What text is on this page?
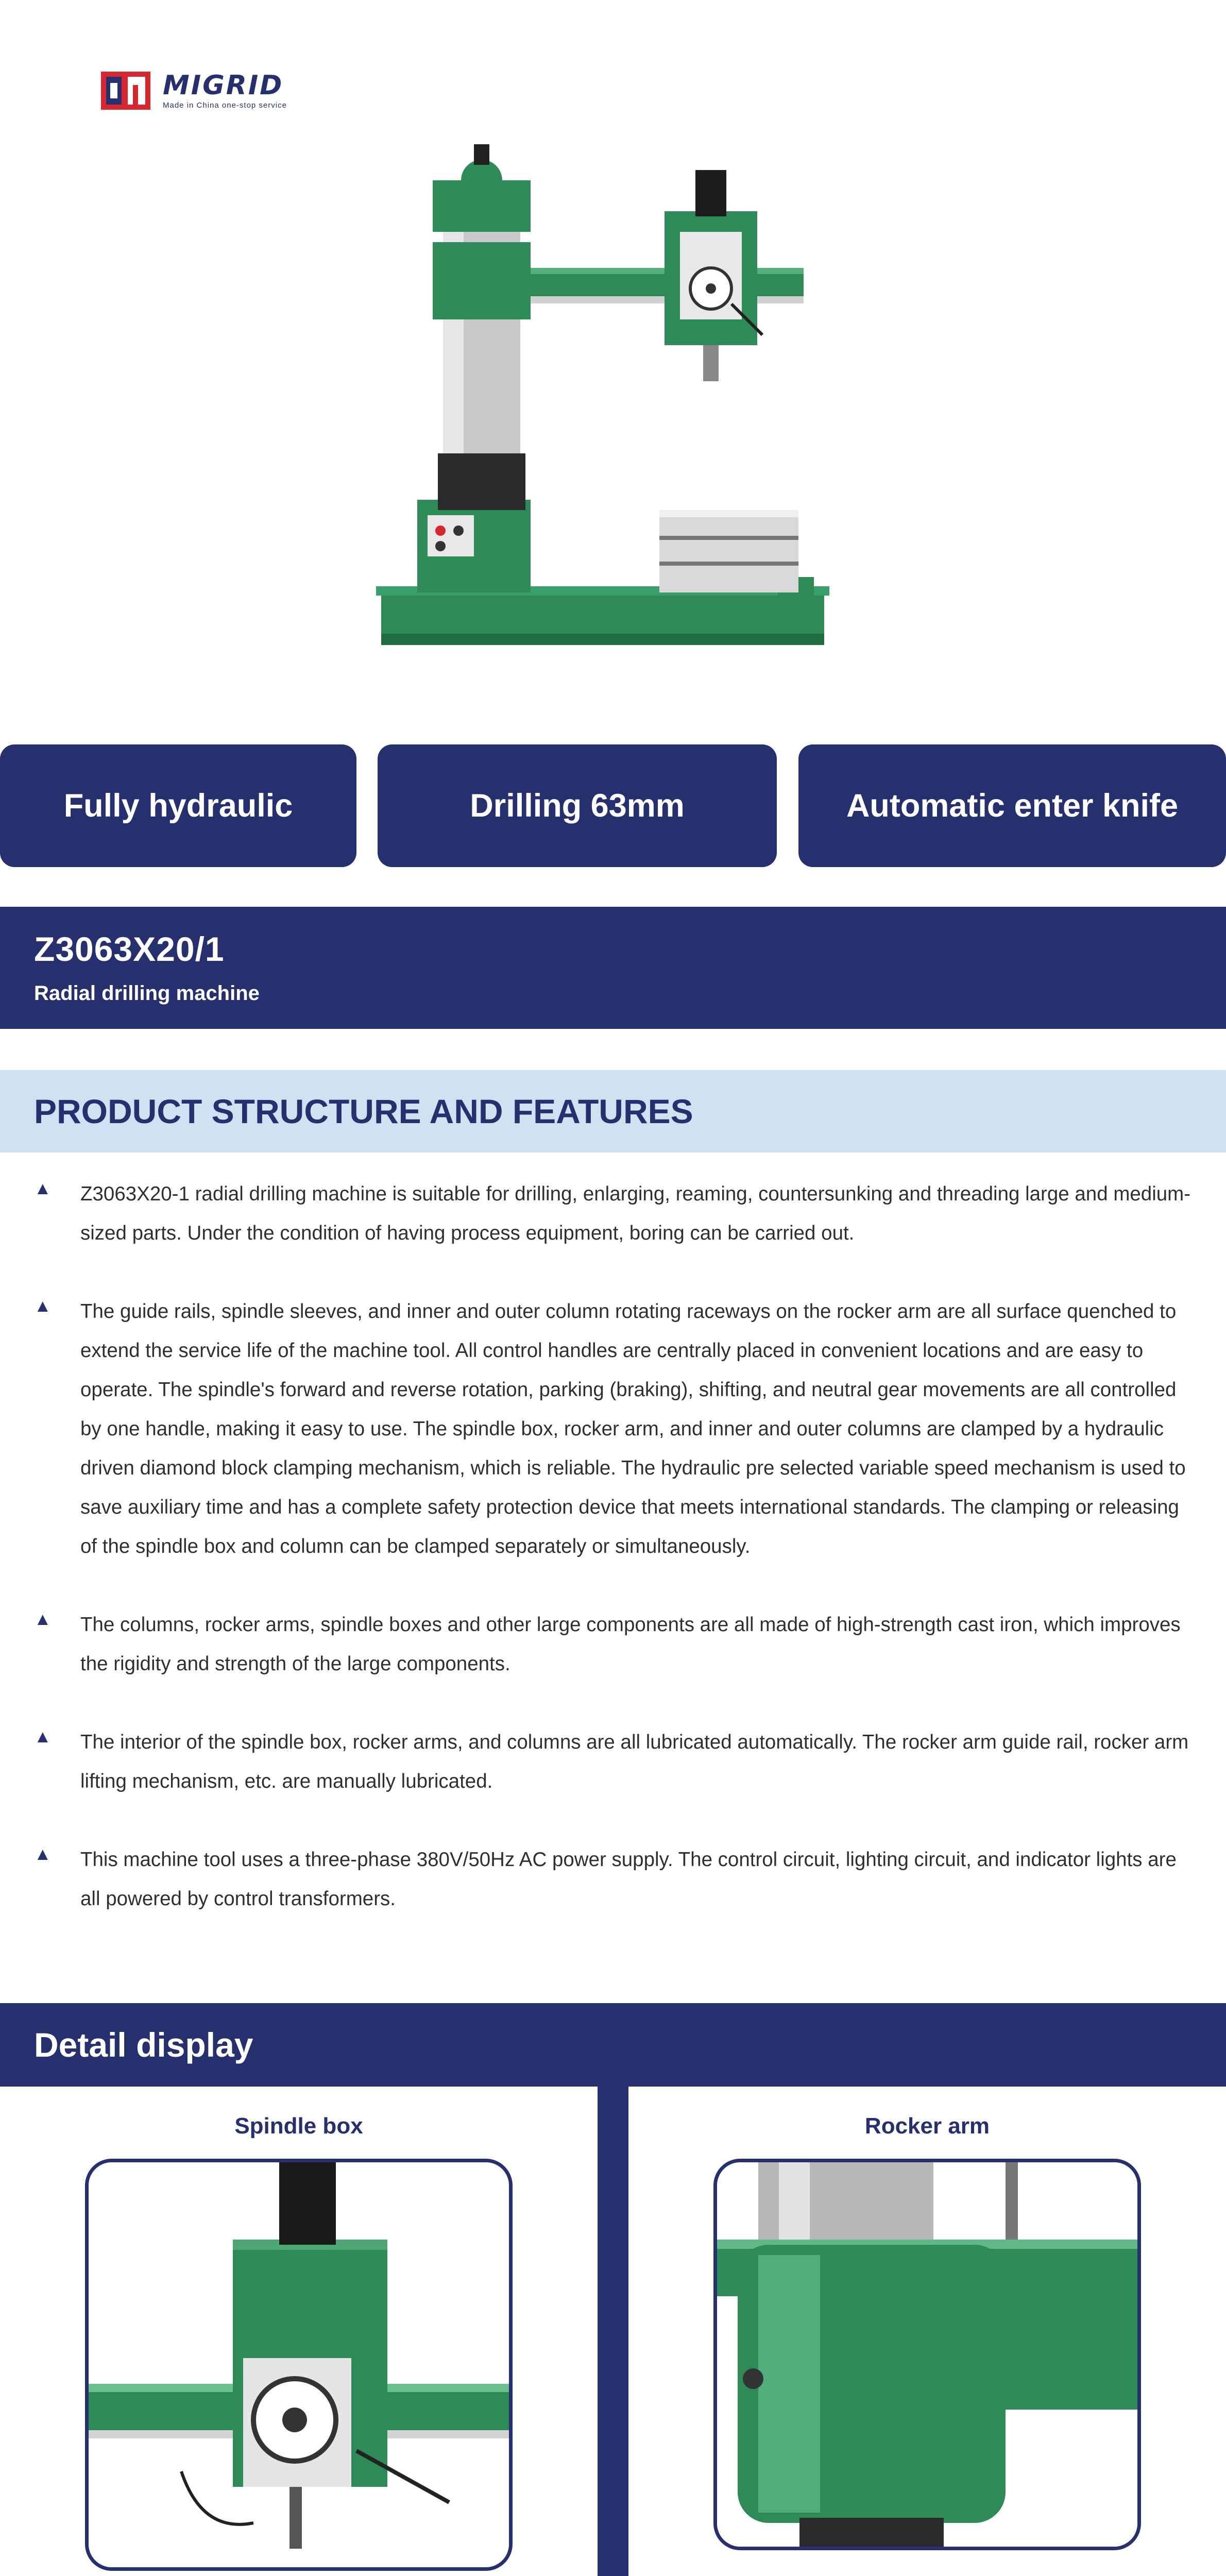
MIGRID
Made in China one-stop service
Fully hydraulic	Drilling 63mm	Automatic enter knife
Z3063X20/1
Radial drilling machine
PRODUCT STRUCTURE AND FEATURES
▲	Z3063X20-1 radial drilling machine is suitable for drilling, enlarging, reaming, countersunking and threading large and medium-sized parts. Under the condition of having process equipment, boring can be carried out.
▲	The guide rails, spindle sleeves, and inner and outer column rotating raceways on the rocker arm are all surface quenched to extend the service life of the machine tool. All control handles are centrally placed in convenient locations and are easy to operate. The spindle's forward and reverse rotation, parking (braking), shifting, and neutral gear movements are all controlled by one handle, making it easy to use. The spindle box, rocker arm, and inner and outer columns are clamped by a hydraulic driven diamond block clamping mechanism, which is reliable. The hydraulic pre selected variable speed mechanism is used to save auxiliary time and has a complete safety protection device that meets international standards. The clamping or releasing of the spindle box and column can be clamped separately or simultaneously.
▲	The columns, rocker arms, spindle boxes and other large components are all made of high-strength cast iron, which improves the rigidity and strength of the large components.
▲	The interior of the spindle box, rocker arms, and columns are all lubricated automatically. The rocker arm guide rail, rocker arm lifting mechanism, etc. are manually lubricated.
▲	This machine tool uses a three-phase 380V/50Hz AC power supply. The control circuit, lighting circuit, and indicator lights are all powered by control transformers.
Detail display
Spindle box	Rocker arm
